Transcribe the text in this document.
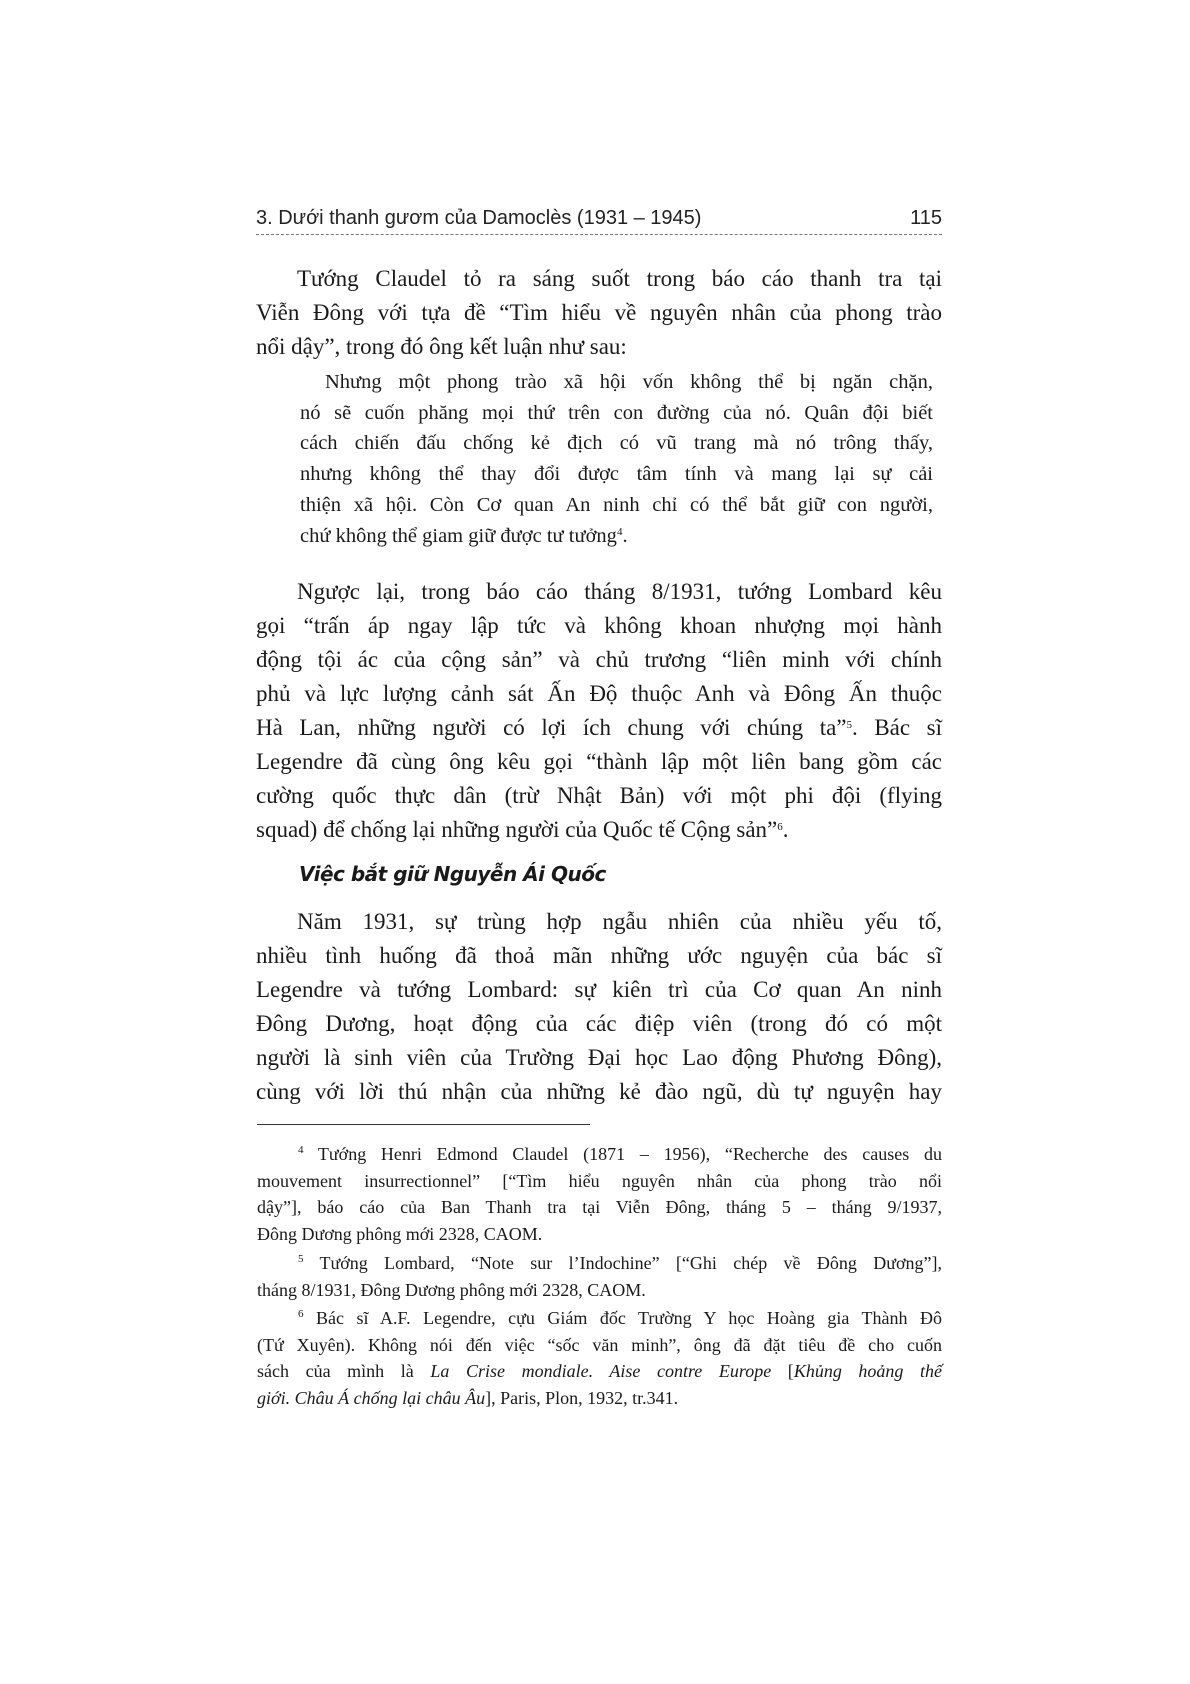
3. Dưới thanh gươm của Damoclès (1931 – 1945)	115
Tướng Claudel tỏ ra sáng suốt trong báo cáo thanh tra tại
Viễn Đông với tựa đề “Tìm hiểu về nguyên nhân của phong trào
nổi dậy”, trong đó ông kết luận như sau:
Nhưng một phong trào xã hội vốn không thể bị ngăn chặn,
nó sẽ cuốn phăng mọi thứ trên con đường của nó. Quân đội biết
cách chiến đấu chống kẻ địch có vũ trang mà nó trông thấy,
nhưng không thể thay đổi được tâm tính và mang lại sự cải
thiện xã hội. Còn Cơ quan An ninh chỉ có thể bắt giữ con người,
chứ không thể giam giữ được tư tưởng$^4$.
Ngược lại, trong báo cáo tháng 8/1931, tướng Lombard kêu
gọi “trấn áp ngay lập tức và không khoan nhượng mọi hành
động tội ác của cộng sản” và chủ trương “liên minh với chính
phủ và lực lượng cảnh sát Ấn Độ thuộc Anh và Đông Ấn thuộc
Hà Lan, những người có lợi ích chung với chúng ta”$^5$. Bác sĩ
Legendre đã cùng ông kêu gọi “thành lập một liên bang gồm các
cường quốc thực dân (trừ Nhật Bản) với một phi đội (flying
squad) để chống lại những người của Quốc tế Cộng sản”$^6$.
Việc bắt giữ Nguyễn Ái Quốc
Năm 1931, sự trùng hợp ngẫu nhiên của nhiều yếu tố,
nhiều tình huống đã thoả mãn những ước nguyện của bác sĩ
Legendre và tướng Lombard: sự kiên trì của Cơ quan An ninh
Đông Dương, hoạt động của các điệp viên (trong đó có một
người là sinh viên của Trường Đại học Lao động Phương Đông),
cùng với lời thú nhận của những kẻ đào ngũ, dù tự nguyện hay
$^4$ Tướng Henri Edmond Claudel (1871 – 1956), “Recherche des causes du
mouvement insurrectionnel” [“Tìm hiểu nguyên nhân của phong trào nổi
dậy”], báo cáo của Ban Thanh tra tại Viễn Đông, tháng 5 – tháng 9/1937,
Đông Dương phông mới 2328, CAOM.
$^5$ Tướng Lombard, “Note sur l’Indochine” [“Ghi chép về Đông Dương”],
tháng 8/1931, Đông Dương phông mới 2328, CAOM.
$^6$ Bác sĩ A.F. Legendre, cựu Giám đốc Trường Y học Hoàng gia Thành Đô
(Tứ Xuyên). Không nói đến việc “sốc văn minh”, ông đã đặt tiêu đề cho cuốn
sách của mình là La Crise mondiale. Aise contre Europe [Khủng hoảng thế
giới. Châu Á chống lại châu Âu], Paris, Plon, 1932, tr.341.
